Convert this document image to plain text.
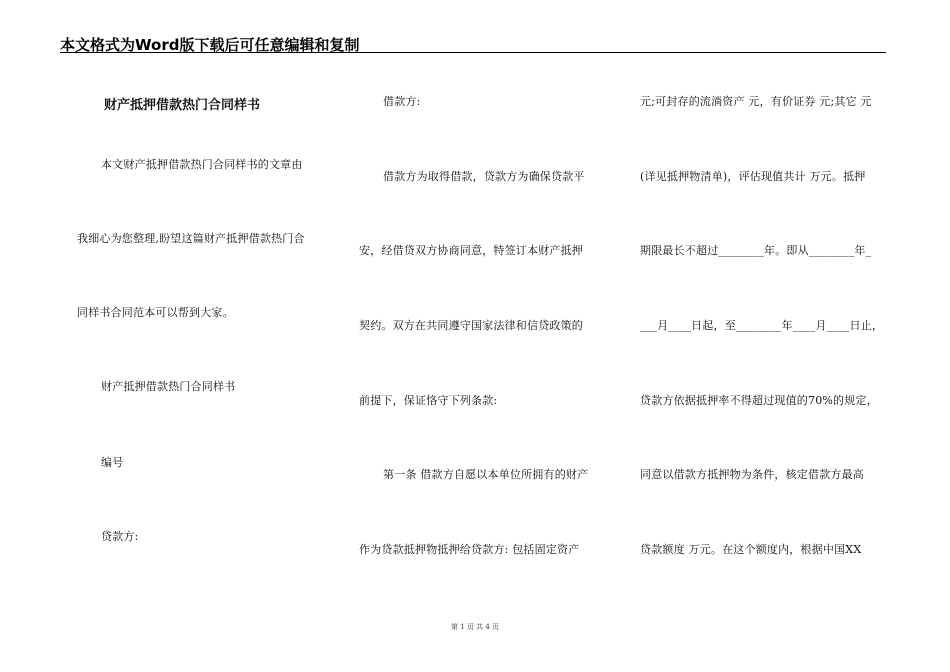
本文格式为Word版下载后可任意编辑和复制
财产抵押借款热门合同样书
本文财产抵押借款热门合同样书的文章由
我细心为您整理,盼望这篇财产抵押借款热门合
同样书合同范本可以帮到大家。
财产抵押借款热门合同样书
编号
贷款方:
借款方:
借款方为取得借款，贷款方为确保贷款平
安，经借贷双方协商同意，特签订本财产抵押
契约。双方在共同遵守国家法律和信贷政策的
前提下，保证恪守下列条款:
第一条 借款方自愿以本单位所拥有的财产
作为贷款抵押物抵押给贷款方: 包括固定资产
元;可封存的流淌资产 元，有价证券 元;其它 元
(详见抵押物清单)，评估现值共计 万元。抵押
期限最长不超过________年。即从________年_
___月____日起，至________年____月____日止，
贷款方依据抵押率不得超过现值的70%的规定，
同意以借款方抵押物为条件，核定借款方最高
贷款额度 万元。在这个额度内，根据中国XX
第 1 页 共 4 页
